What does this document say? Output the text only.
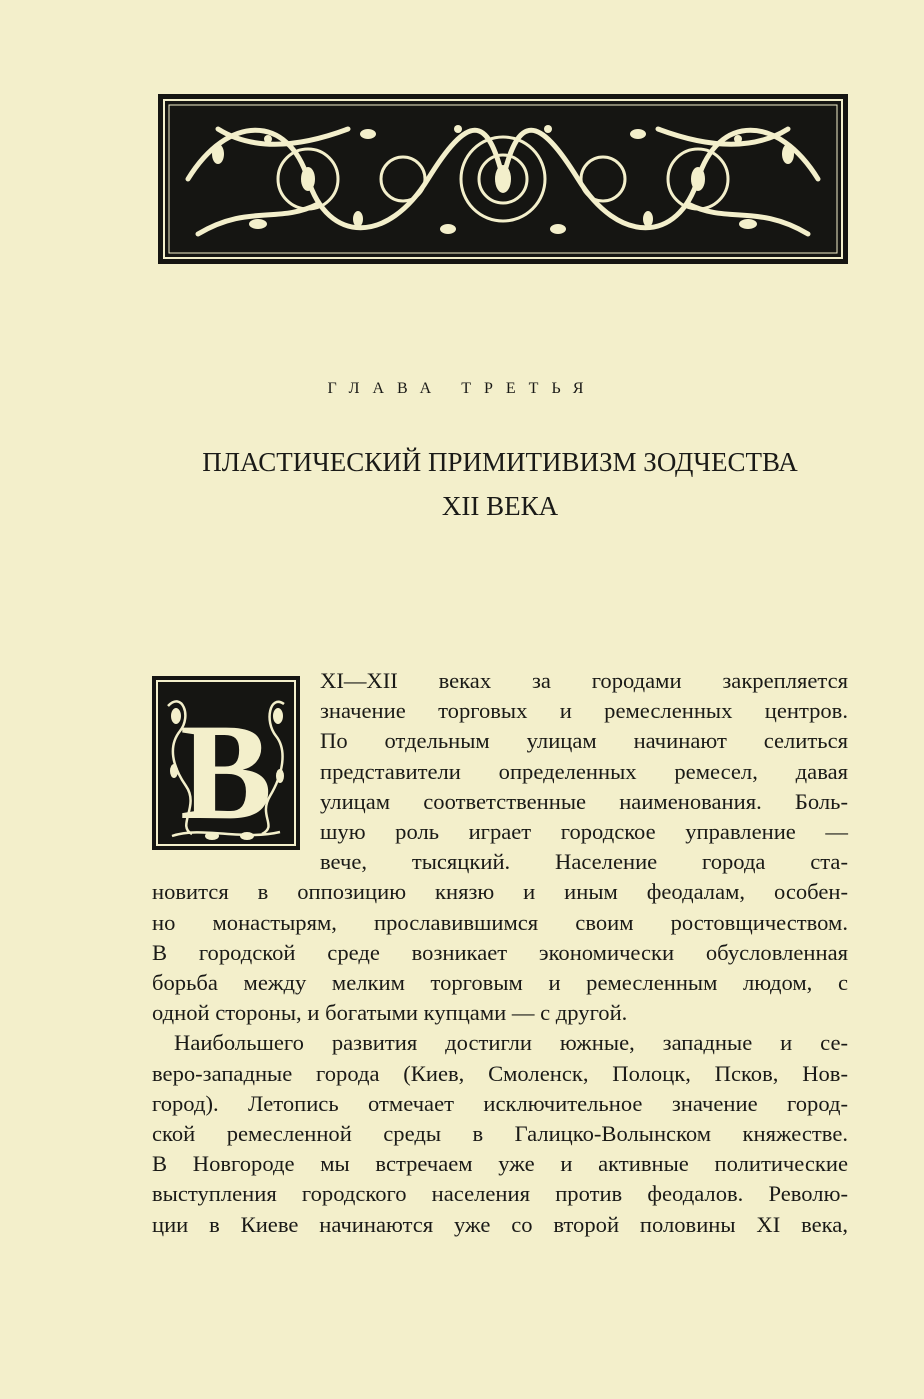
ГЛАВА ТРЕТЬЯ
ПЛАСТИЧЕСКИЙ ПРИМИТИВИЗМ ЗОДЧЕСТВА
XII ВЕКА
В
XI—XII веках за городами закрепляется
значение торговых и ремесленных центров.
По отдельным улицам начинают селиться
представители определенных ремесел, давая
улицам соответственные наименования. Боль-
шую роль играет городское управление —
вече, тысяцкий. Население города ста-
новится в оппозицию князю и иным феодалам, особен-
но монастырям, прославившимся своим ростовщичеством.
В городской среде возникает экономически обусловленная
борьба между мелким торговым и ремесленным людом, с
одной стороны, и богатыми купцами — с другой.
Наибольшего развития достигли южные, западные и се-
веро-западные города (Киев, Смоленск, Полоцк, Псков, Нов-
город). Летопись отмечает исключительное значение город-
ской ремесленной среды в Галицко-Волынском княжестве.
В Новгороде мы встречаем уже и активные политические
выступления городского населения против феодалов. Револю-
ции в Киеве начинаются уже со второй половины XI века,
